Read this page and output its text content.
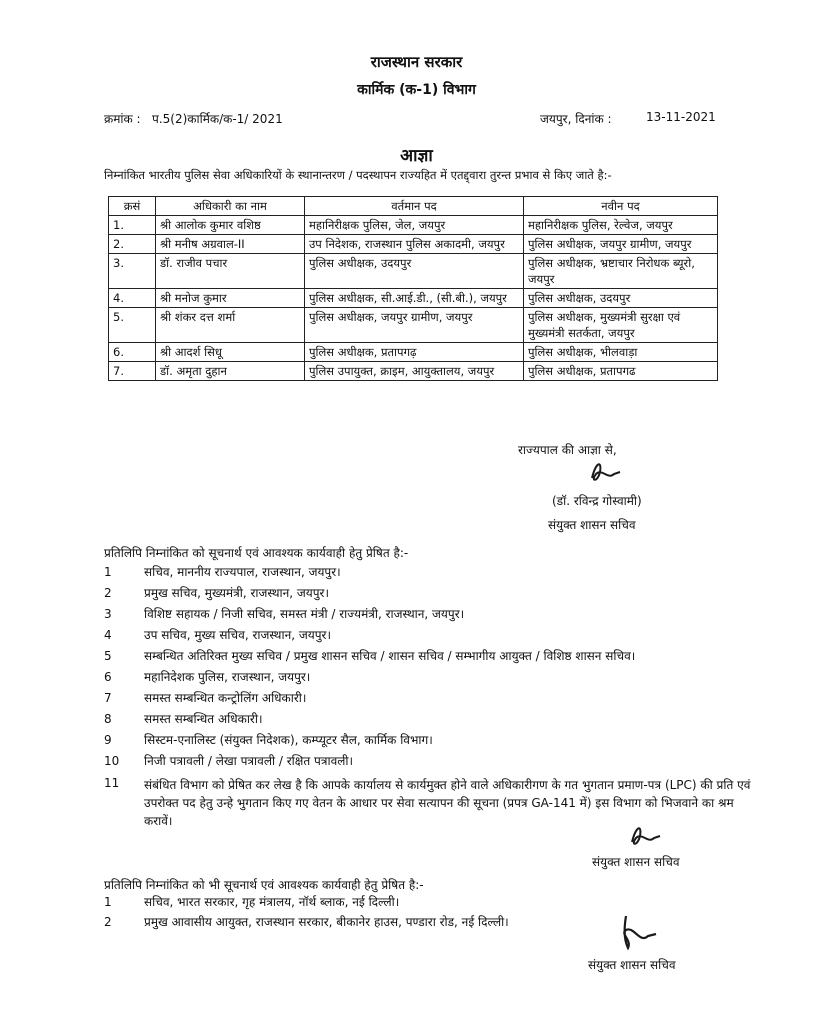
राजस्थान सरकार
कार्मिक (क-1) विभाग
क्रमांक : प.5(2)कार्मिक/क-1/ 2021	जयपुर, दिनांक :	13-11-2021
आज्ञा
निम्नांकित भारतीय पुलिस सेवा अधिकारियों के स्थानान्तरण / पदस्थापन राज्यहित में एतद्द्वारा तुरन्त प्रभाव से किए जाते है:-
क्रसं	अधिकारी का नाम	वर्तमान पद	नवीन पद
1.	श्री आलोक कुमार वशिष्ठ	महानिरीक्षक पुलिस, जेल, जयपुर	महानिरीक्षक पुलिस, रेल्वेज, जयपुर
2.	श्री मनीष अग्रवाल-II	उप निदेशक, राजस्थान पुलिस अकादमी, जयपुर	पुलिस अधीक्षक, जयपुर ग्रामीण, जयपुर
3.	डॉ. राजीव पचार	पुलिस अधीक्षक, उदयपुर	पुलिस अधीक्षक, भ्रष्टाचार निरोधक ब्यूरो, जयपुर
4.	श्री मनोज कुमार	पुलिस अधीक्षक, सी.आई.डी., (सी.बी.), जयपुर	पुलिस अधीक्षक, उदयपुर
5.	श्री शंकर दत्त शर्मा	पुलिस अधीक्षक, जयपुर ग्रामीण, जयपुर	पुलिस अधीक्षक, मुख्यमंत्री सुरक्षा एवं मुख्यमंत्री सतर्कता, जयपुर
6.	श्री आदर्श सिधू	पुलिस अधीक्षक, प्रतापगढ़	पुलिस अधीक्षक, भीलवाड़ा
7.	डॉ. अमृता दुहान	पुलिस उपायुक्त, क्राइम, आयुक्तालय, जयपुर	पुलिस अधीक्षक, प्रतापगढ
राज्यपाल की आज्ञा से,
(डॉ. रविन्द्र गोस्वामी)
संयुक्त शासन सचिव
प्रतिलिपि निम्नांकित को सूचनार्थ एवं आवश्यक कार्यवाही हेतु प्रेषित है:-
1	सचिव, माननीय राज्यपाल, राजस्थान, जयपुर।
2	प्रमुख सचिव, मुख्यमंत्री, राजस्थान, जयपुर।
3	विशिष्ट सहायक / निजी सचिव, समस्त मंत्री / राज्यमंत्री, राजस्थान, जयपुर।
4	उप सचिव, मुख्य सचिव, राजस्थान, जयपुर।
5	सम्बन्धित अतिरिक्त मुख्य सचिव / प्रमुख शासन सचिव / शासन सचिव / सम्भागीय आयुक्त / विशिष्ठ शासन सचिव।
6	महानिदेशक पुलिस, राजस्थान, जयपुर।
7	समस्त सम्बन्धित कन्ट्रोलिंग अधिकारी।
8	समस्त सम्बन्धित अधिकारी।
9	सिस्टम-एनालिस्ट (संयुक्त निदेशक), कम्प्यूटर सैल, कार्मिक विभाग।
10	निजी पत्रावली / लेखा पत्रावली / रक्षित पत्रावली।
11 संबंधित विभाग को प्रेषित कर लेख है कि आपके कार्यालय से कार्यमुक्त होने वाले अधिकारीगण के गत भुगतान प्रमाण-पत्र (LPC) की प्रति एवं उपरोक्त पद हेतु उन्हे भुगतान किए गए वेतन के आधार पर सेवा सत्यापन की सूचना (प्रपत्र GA-141 में) इस विभाग को भिजवाने का श्रम करावें।
संयुक्त शासन सचिव
प्रतिलिपि निम्नांकित को भी सूचनार्थ एवं आवश्यक कार्यवाही हेतु प्रेषित है:-
1	सचिव, भारत सरकार, गृह मंत्रालय, नॉर्थ ब्लाक, नई दिल्ली।
2	प्रमुख आवासीय आयुक्त, राजस्थान सरकार, बीकानेर हाउस, पण्डारा रोड, नई दिल्ली।
संयुक्त शासन सचिव
